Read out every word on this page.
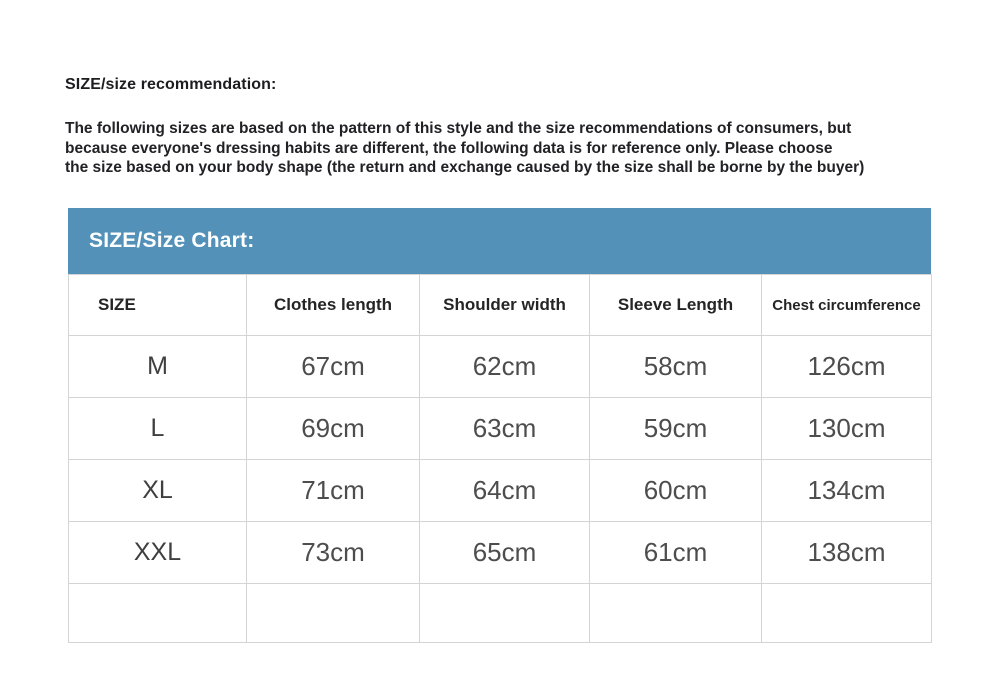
SIZE/size recommendation:
The following sizes are based on the pattern of this style and the size recommendations of consumers, but
because everyone's dressing habits are different, the following data is for reference only. Please choose
the size based on your body shape (the return and exchange caused by the size shall be borne by the buyer)
SIZE/Size Chart:
SIZE	Clothes length	Shoulder width	Sleeve Length	Chest circumference
M	67cm	62cm	58cm	126cm
L	69cm	63cm	59cm	130cm
XL	71cm	64cm	60cm	134cm
XXL	73cm	65cm	61cm	138cm
